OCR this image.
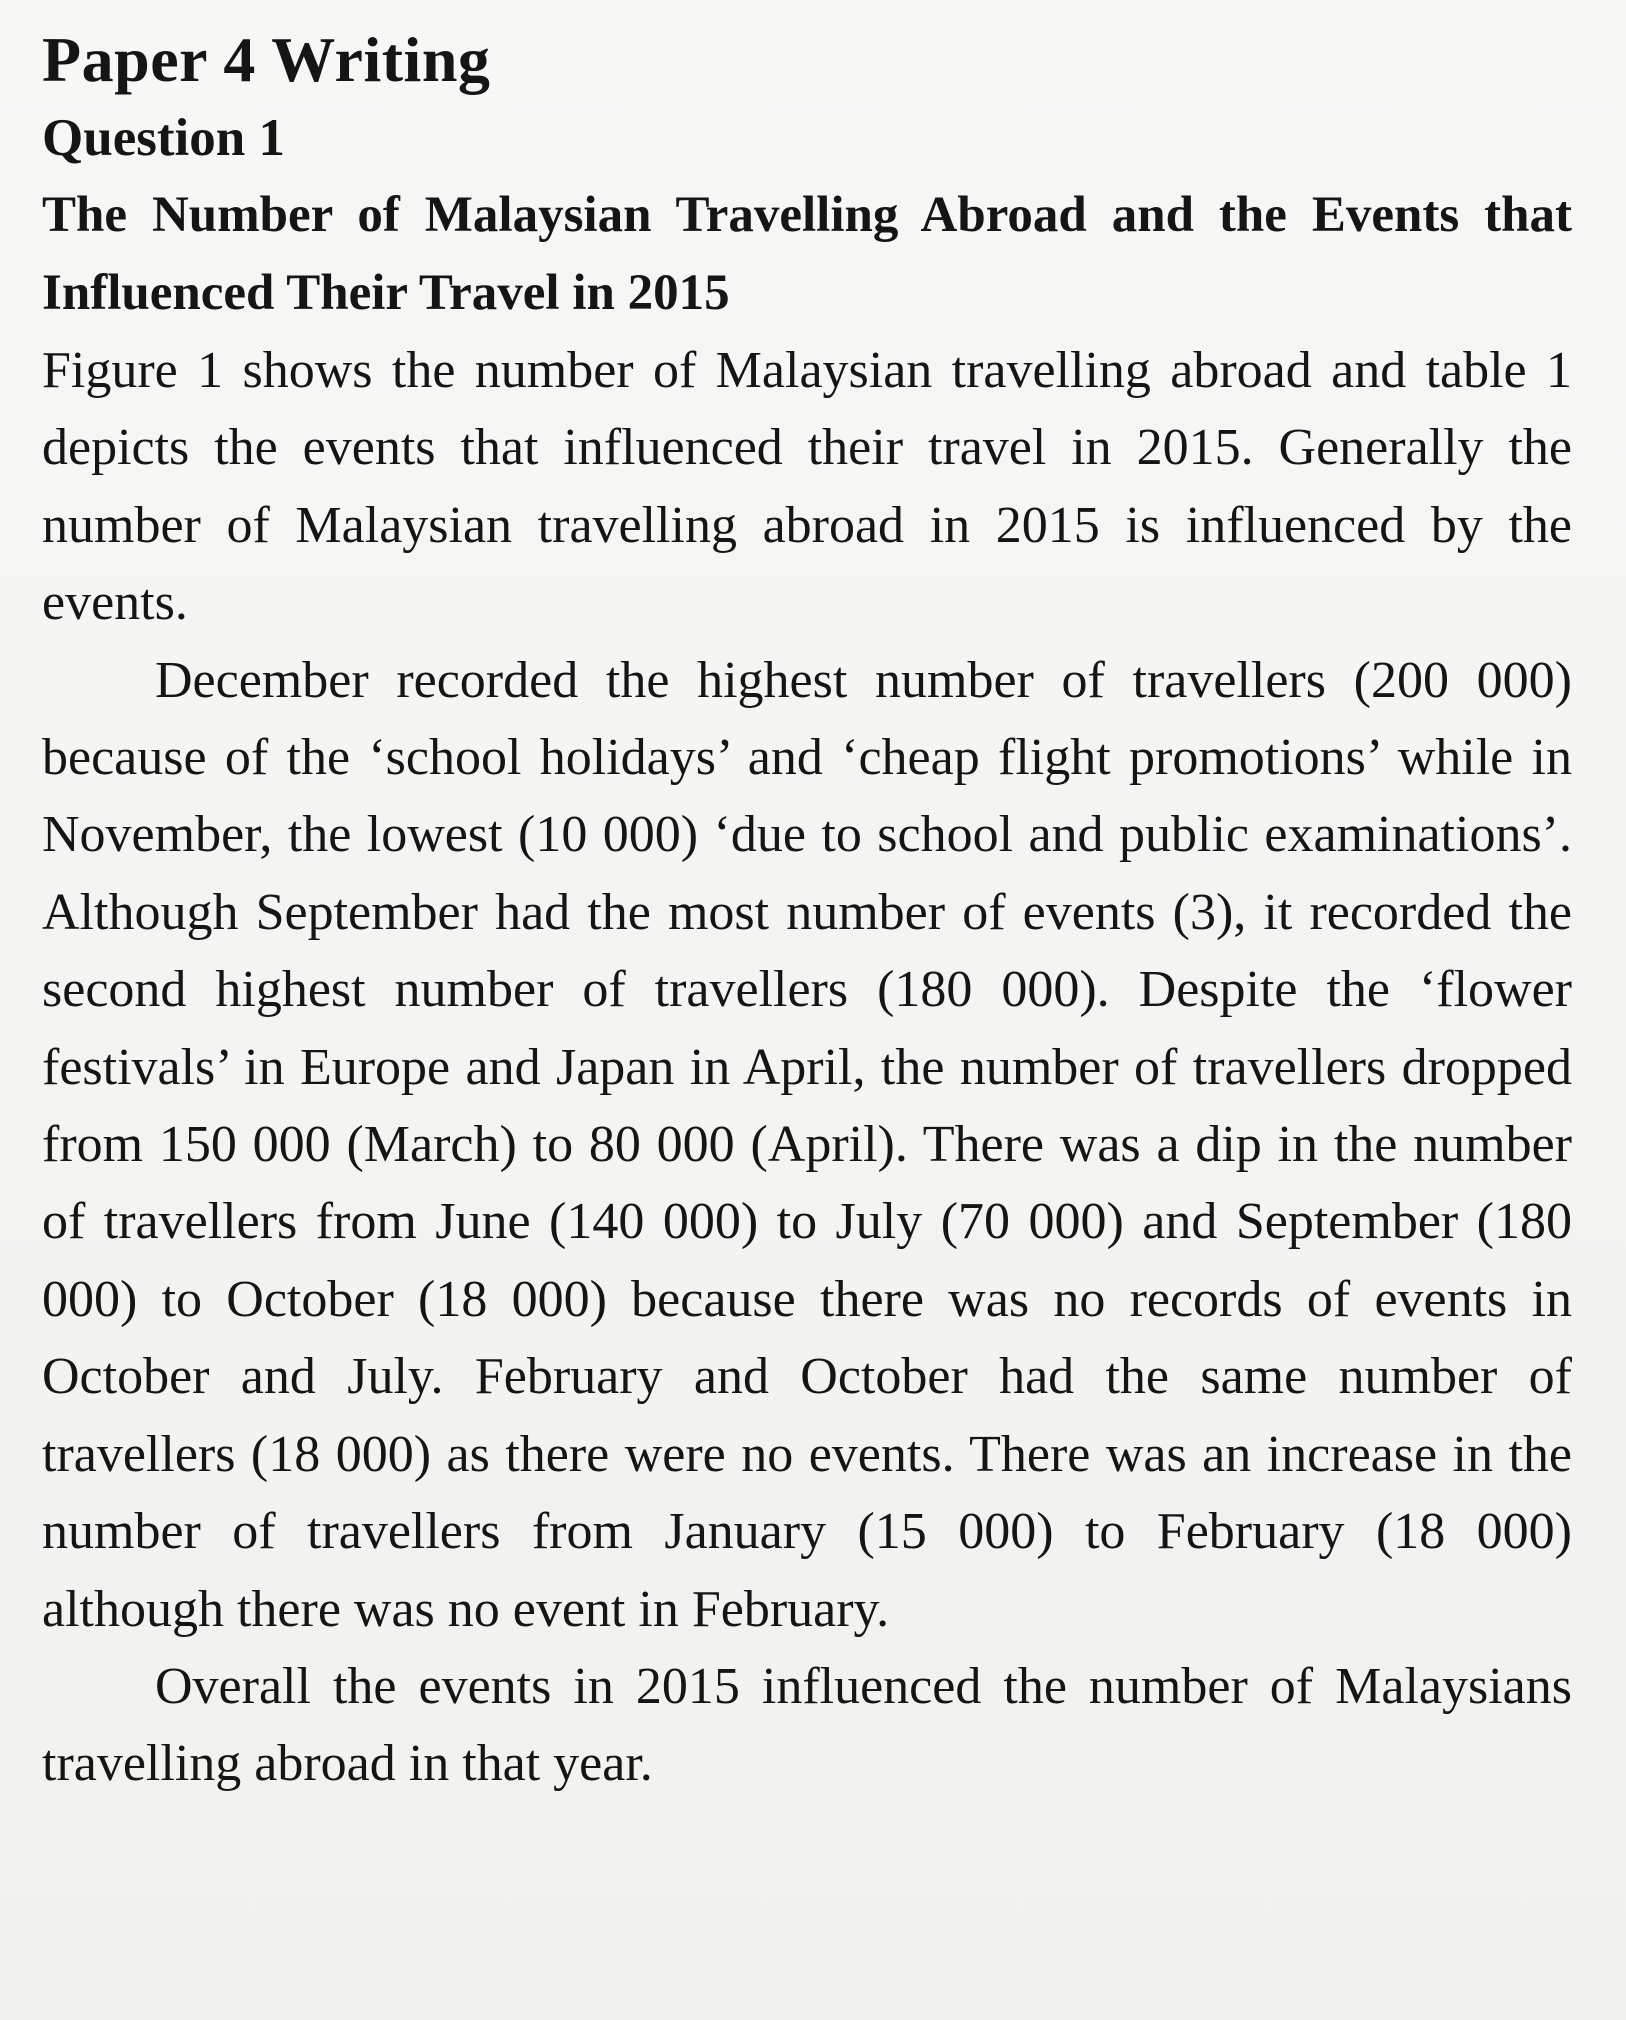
Paper 4 Writing
Question 1
The Number of Malaysian Travelling Abroad and the Events that Influenced Their Travel in 2015

Figure 1 shows the number of Malaysian travelling abroad and table 1 depicts the events that influenced their travel in 2015. Generally the number of Malaysian travelling abroad in 2015 is influenced by the events.

December recorded the highest number of travellers (200 000) because of the ‘school holidays’ and ‘cheap flight promotions’ while in November, the lowest (10 000) ‘due to school and public examinations’. Although September had the most number of events (3), it recorded the second highest number of travellers (180 000). Despite the ‘flower festivals’ in Europe and Japan in April, the number of travellers dropped from 150 000 (March) to 80 000 (April). There was a dip in the number of travellers from June (140 000) to July (70 000) and September (180 000) to October (18 000) because there was no records of events in October and July. February and October had the same number of travellers (18 000) as there were no events. There was an increase in the number of travellers from January (15 000) to February (18 000) although there was no event in February.

Overall the events in 2015 influenced the number of Malaysians travelling abroad in that year.
